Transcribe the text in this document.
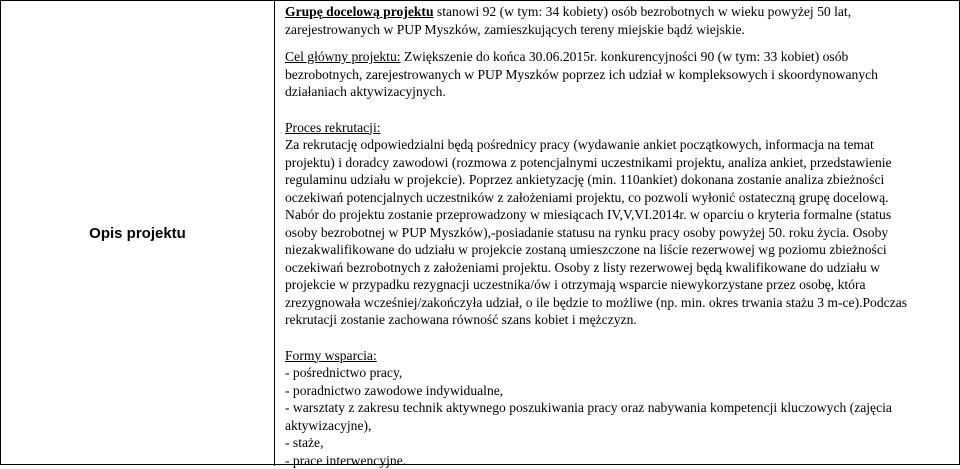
Opis projektu
Grupę docelową projektu stanowi 92 (w tym: 34 kobiety) osób bezrobotnych w wieku powyżej 50 lat,
zarejestrowanych w PUP Myszków, zamieszkujących tereny miejskie bądź wiejskie.
Cel główny projektu: Zwiększenie do końca 30.06.2015r. konkurencyjności 90 (w tym: 33 kobiet) osób
bezrobotnych, zarejestrowanych w PUP Myszków poprzez ich udział w kompleksowych i skoordynowanych
działaniach aktywizacyjnych.
Proces rekrutacji:
Za rekrutację odpowiedzialni będą pośrednicy pracy (wydawanie ankiet początkowych, informacja na temat
projektu) i doradcy zawodowi (rozmowa z potencjalnymi uczestnikami projektu, analiza ankiet, przedstawienie
regulaminu udziału w projekcie). Poprzez ankietyzację (min. 110ankiet) dokonana zostanie analiza zbieżności
oczekiwań potencjalnych uczestników z założeniami projektu, co pozwoli wyłonić ostateczną grupę docelową.
Nabór do projektu zostanie przeprowadzony w miesiącach IV,V,VI.2014r. w oparciu o kryteria formalne (status
osoby bezrobotnej w PUP Myszków),-posiadanie statusu na rynku pracy osoby powyżej 50. roku życia. Osoby
niezakwalifikowane do udziału w projekcie zostaną umieszczone na liście rezerwowej wg poziomu zbieżności
oczekiwań bezrobotnych z założeniami projektu. Osoby z listy rezerwowej będą kwalifikowane do udziału w
projekcie w przypadku rezygnacji uczestnika/ów i otrzymają wsparcie niewykorzystane przez osobę, która
zrezygnowała wcześniej/zakończyła udział, o ile będzie to możliwe (np. min. okres trwania stażu 3 m-ce).Podczas
rekrutacji zostanie zachowana równość szans kobiet i mężczyzn.
Formy wsparcia:
- pośrednictwo pracy,
- poradnictwo zawodowe indywidualne,
- warsztaty z zakresu technik aktywnego poszukiwania pracy oraz nabywania kompetencji kluczowych (zajęcia
aktywizacyjne),
- staże,
- prace interwencyjne.
